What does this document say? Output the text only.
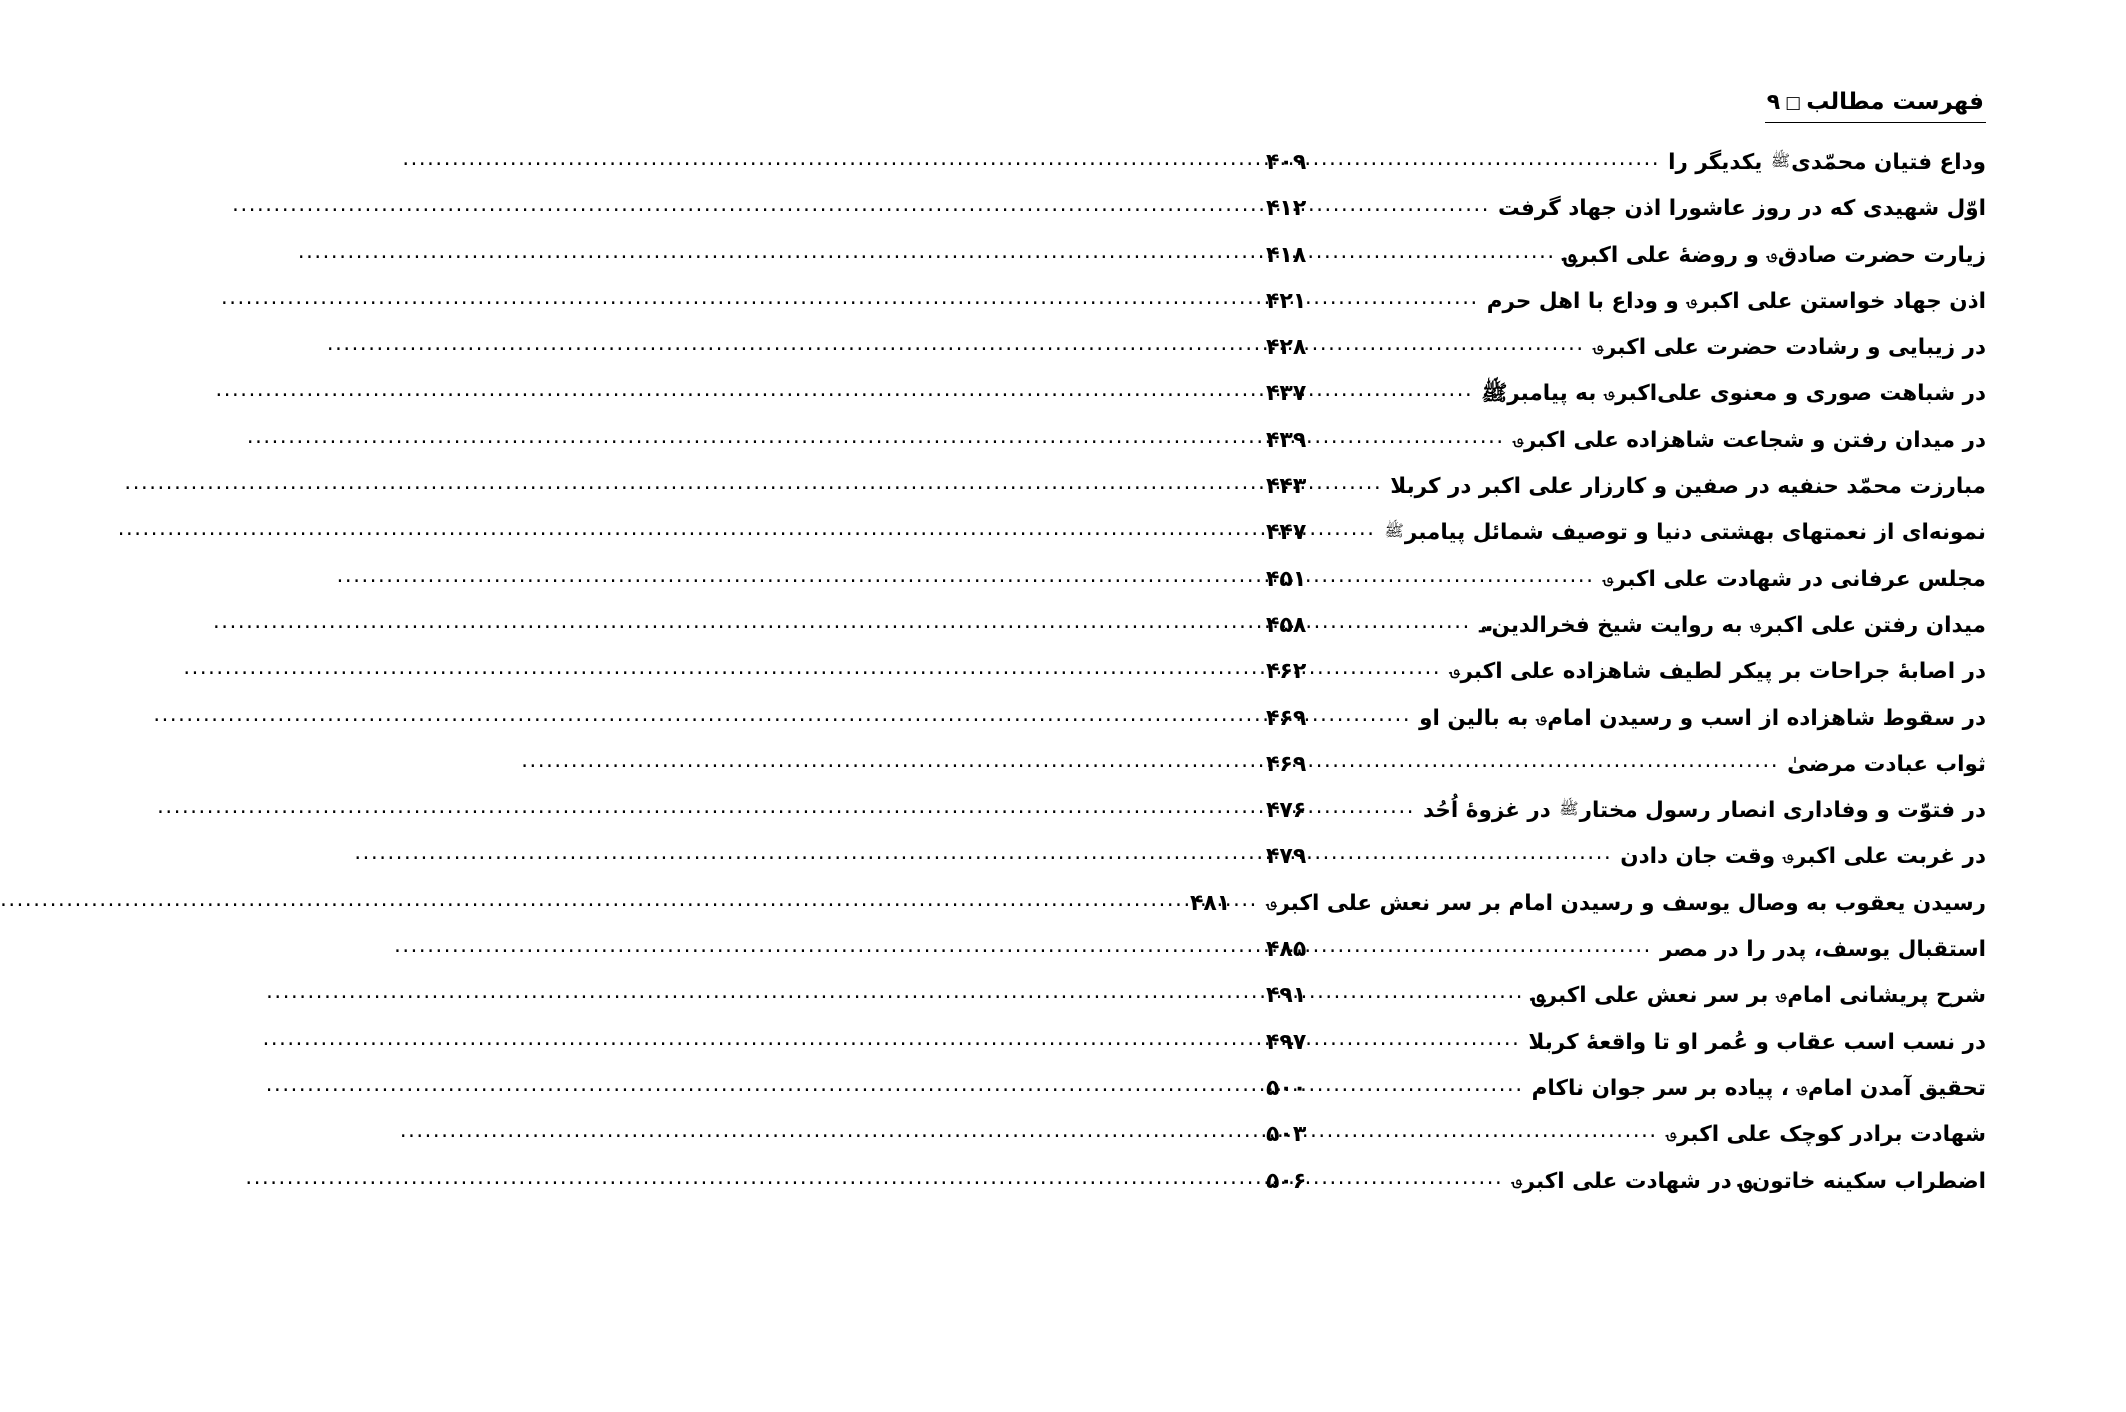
فهرست مطالب□۹
وداع فتیان محمّدیﷺ یکدیگر را
.....
۴۰۹
اوّل شهیدی که در روز عاشورا اذن جهاد گرفت
.....
۴۱۲
زیارت حضرت صادق؈ و روضۀ علی اکبر؈
.....
۴۱۸
اذن جهاد خواستن علی اکبر؈ و وداع با اهل حرم
.....
۴۲۱
در زیبایی و رشادت حضرت علی اکبر؈
.....
۴۲۸
در شباهت صوری و معنوی علی‌اکبر؈ به پیامبرﷺ
.....
۴۳۷
در میدان رفتن و شجاعت شاهزاده علی اکبر؈
.....
۴۳۹
مبارزت محمّد حنفیه در صفین و کارزار علی اکبر در کربلا
.....
۴۴۳
نمونه‌ای از نعمتهای بهشتی دنیا و توصیف شمائل پیامبرﷺ
.....
۴۴۷
مجلس عرفانی در شهادت علی اکبر؈
.....
۴۵۱
میدان رفتن علی اکبر؈ به روایت شیخ فخرالدین؄
.....
۴۵۸
در اصابۀ جراحات بر پیکر لطیف شاهزاده علی اکبر؈
.....
۴۶۲
در سقوط شاهزاده از اسب و رسیدن امام؈ به بالین او
.....
۴۶۹
ثواب عبادت مرضیٰ
.....
۴۶۹
در فتوّت و وفاداری انصار رسول مختارﷺ در غزوۀ اُحُد
.....
۴۷۶
در غربت علی اکبر؈ وقت جان دادن
.....
۴۷۹
رسیدن یعقوب به وصال یوسف و رسیدن امام بر سر نعش علی اکبر؈
.....
۴۸۱
استقبال یوسف، پدر را در مصر
.....
۴۸۵
شرح پریشانی امام؈ بر سر نعش علی اکبر؈
.....
۴۹۱
در نسب اسب عقاب و عُمر او تا واقعۀ کربلا
.....
۴۹۷
تحقیق آمدن امام؈ ، پیاده بر سر جوان ناکام
.....
۵۰۰
شهادت برادر کوچک علی اکبر؈
.....
۵۰۳
اضطراب سکینه خاتون؈ در شهادت علی اکبر؈
.....
۵۰۶
